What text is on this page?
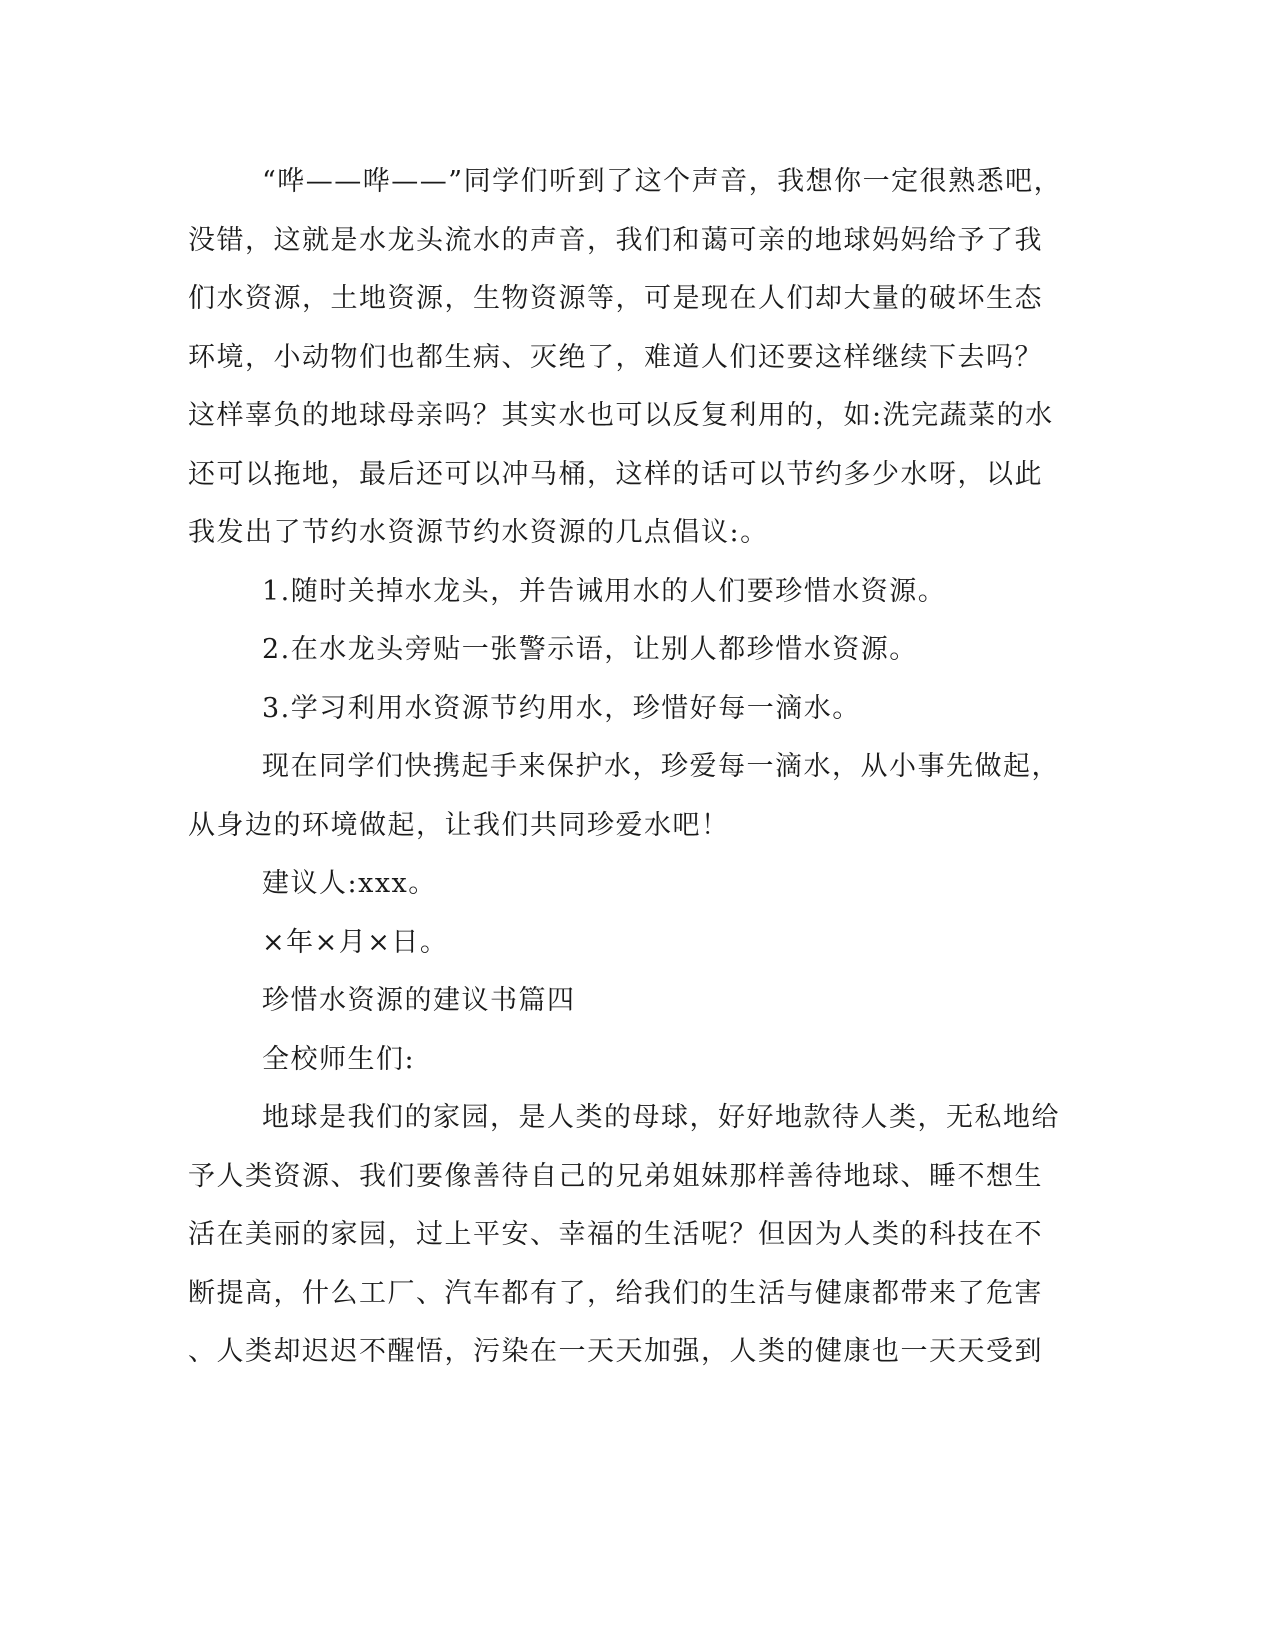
“哗——哗——”同学们听到了这个声音，我想你一定很熟悉吧，
没错，这就是水龙头流水的声音，我们和蔼可亲的地球妈妈给予了我
们水资源，土地资源，生物资源等，可是现在人们却大量的破坏生态
环境，小动物们也都生病、灭绝了，难道人们还要这样继续下去吗？
这样辜负的地球母亲吗？其实水也可以反复利用的，如:洗完蔬菜的水
还可以拖地，最后还可以冲马桶，这样的话可以节约多少水呀，以此
我发出了节约水资源节约水资源的几点倡议:。
1.随时关掉水龙头，并告诫用水的人们要珍惜水资源。
2.在水龙头旁贴一张警示语，让别人都珍惜水资源。
3.学习利用水资源节约用水，珍惜好每一滴水。
现在同学们快携起手来保护水，珍爱每一滴水，从小事先做起，
从身边的环境做起，让我们共同珍爱水吧！
建议人:xxx。
×年×月×日。
珍惜水资源的建议书篇四
全校师生们:
地球是我们的家园，是人类的母球，好好地款待人类，无私地给
予人类资源、我们要像善待自己的兄弟姐妹那样善待地球、睡不想生
活在美丽的家园，过上平安、幸福的生活呢？但因为人类的科技在不
断提高，什么工厂、汽车都有了，给我们的生活与健康都带来了危害
、人类却迟迟不醒悟，污染在一天天加强，人类的健康也一天天受到
